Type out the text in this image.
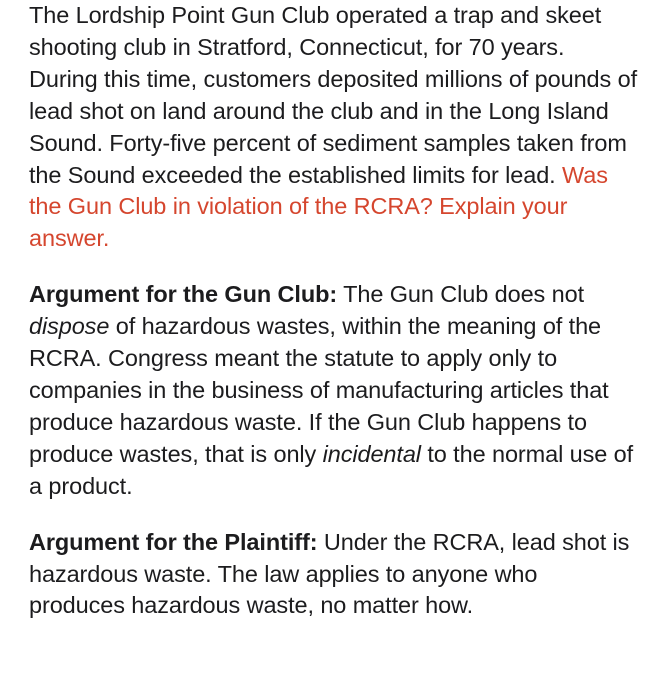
The Lordship Point Gun Club operated a trap and skeet shooting club in Stratford, Connecticut, for 70 years. During this time, customers deposited millions of pounds of lead shot on land around the club and in the Long Island Sound. Forty-five percent of sediment samples taken from the Sound exceeded the established limits for lead. Was the Gun Club in violation of the RCRA? Explain your answer.

Argument for the Gun Club: The Gun Club does not dispose of hazardous wastes, within the meaning of the RCRA. Congress meant the statute to apply only to companies in the business of manufacturing articles that produce hazardous waste. If the Gun Club happens to produce wastes, that is only incidental to the normal use of a product.

Argument for the Plaintiff: Under the RCRA, lead shot is hazardous waste. The law applies to anyone who produces hazardous waste, no matter how.
